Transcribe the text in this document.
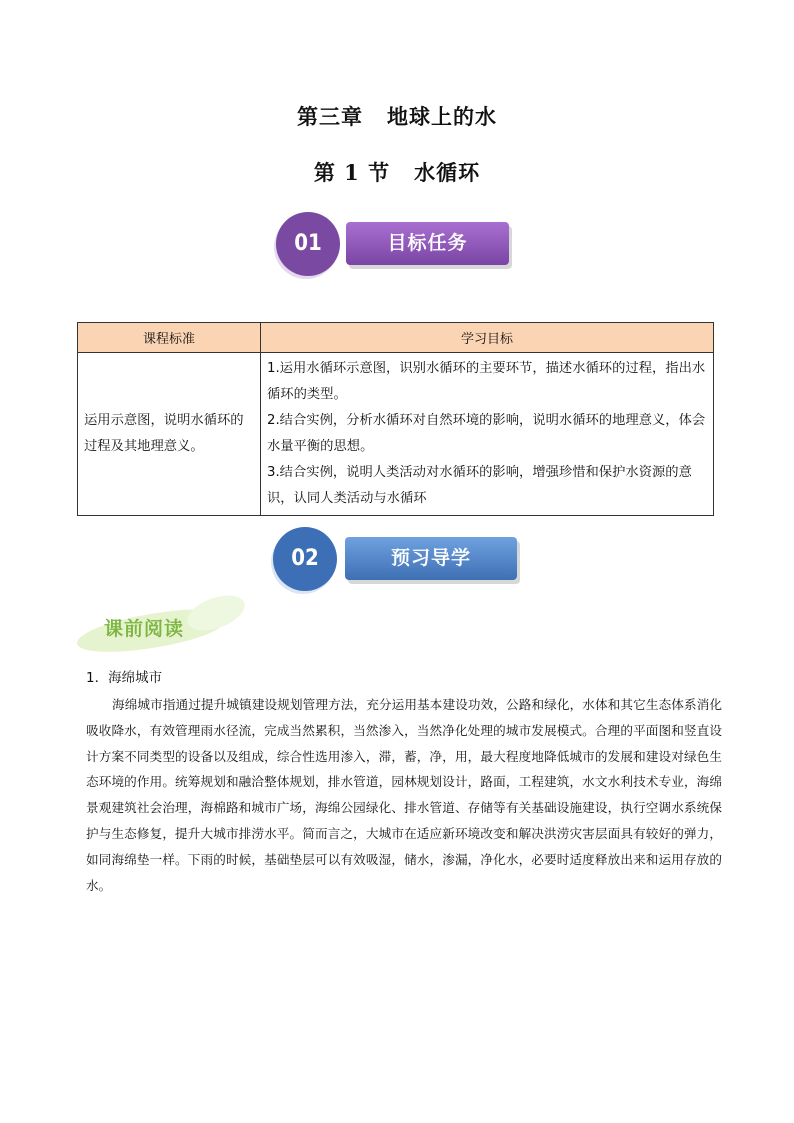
第三章 地球上的水
第 1 节 水循环
目标任务
01
课程标准	学习目标
运用示意图，说明水循环的过程及其地理意义。	1.运用水循环示意图，识别水循环的主要环节，描述水循环的过程，指出水循环的类型。

2.结合实例，分析水循环对自然环境的影响，说明水循环的地理意义，体会水量平衡的思想。

3.结合实例，说明人类活动对水循环的影响，增强珍惜和保护水资源的意识，认同人类活动与水循环

预习导学
02
课前阅读
1．海绵城市

海绵城市指通过提升城镇建设规划管理方法，充分运用基本建设功效，公路和绿化，水体和其它生态体系消化吸收降水，有效管理雨水径流，完成当然累积，当然渗入，当然净化处理的城市发展模式。合理的平面图和竖直设计方案不同类型的设备以及组成，综合性选用渗入，滞，蓄，净，用，最大程度地降低城市的发展和建设对绿色生态环境的作用。统筹规划和融洽整体规划，排水管道，园林规划设计，路面，工程建筑，水文水利技术专业，海绵景观建筑社会治理，海棉路和城市广场，海绵公园绿化、排水管道、存储等有关基础设施建设，执行空调水系统保护与生态修复，提升大城市排涝水平。简而言之，大城市在适应新环境改变和解决洪涝灾害层面具有较好的弹力，如同海绵垫一样。下雨的时候，基础垫层可以有效吸湿，储水，渗漏，净化水，必要时适度释放出来和运用存放的水。
